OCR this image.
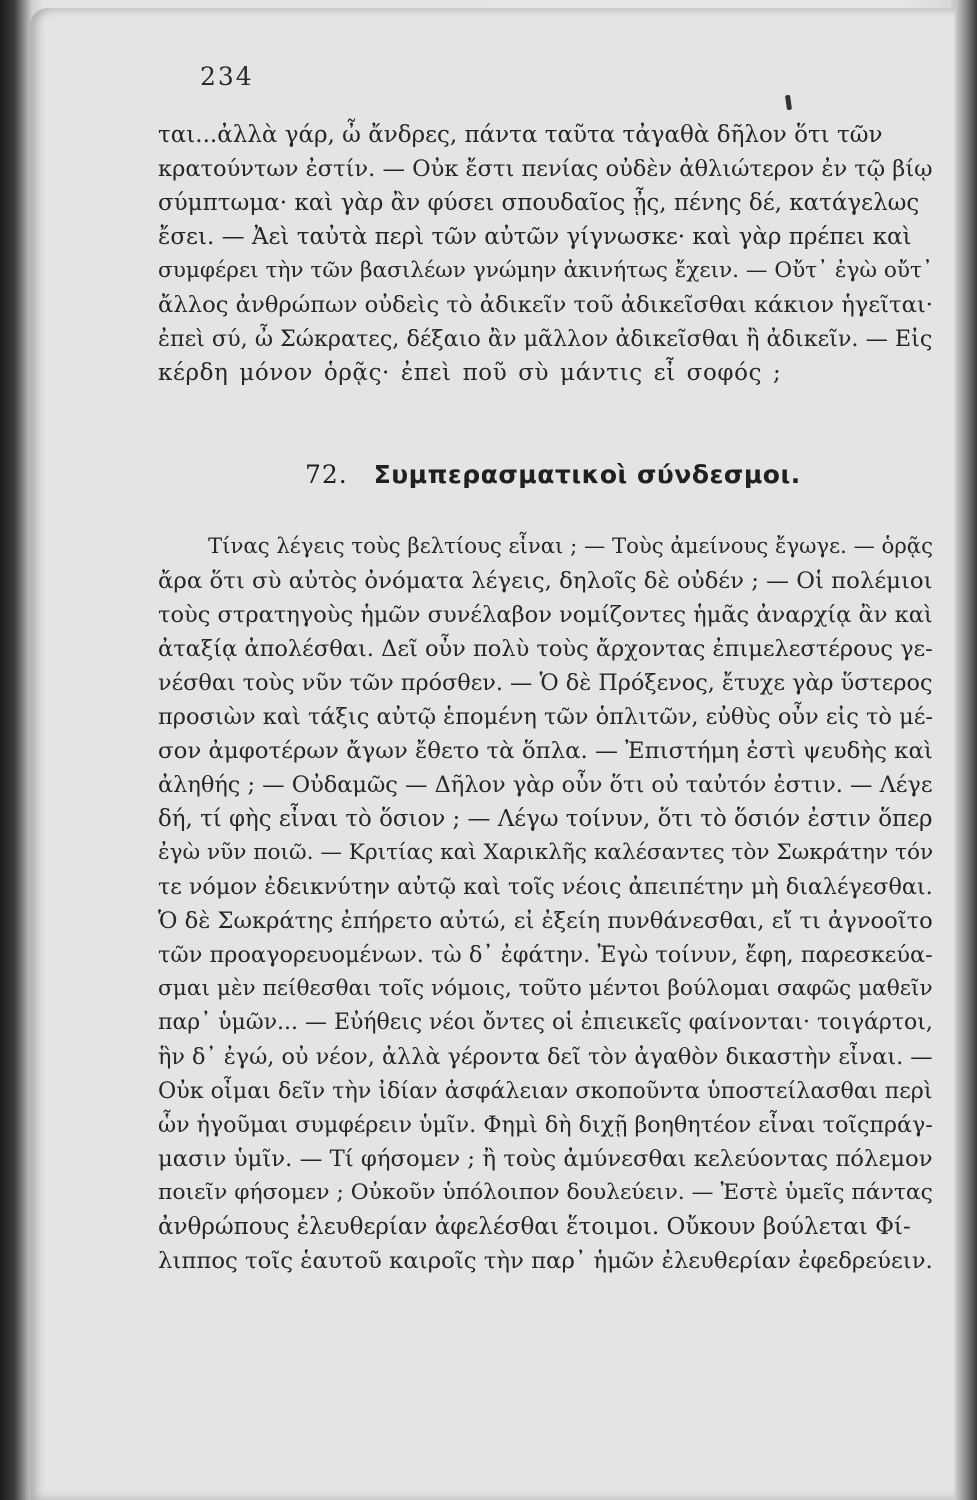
234
ται...ἀλλὰ γάρ, ὦ ἄνδρες, πάντα ταῦτα τἀγαθὰ δῆλον ὅτι τῶν
κρατούντων ἐστίν. — Οὐκ ἔστι πενίας οὐδὲν ἀθλιώτερον ἐν τῷ βίῳ
σύμπτωμα· καὶ γὰρ ἂν φύσει σπουδαῖος ᾖς, πένης δέ, κατάγελως
ἔσει. — Ἀεὶ ταὐτὰ περὶ τῶν αὐτῶν γίγνωσκε· καὶ γὰρ πρέπει καὶ
συμφέρει τὴν τῶν βασιλέων γνώμην ἀκινήτως ἔχειν. — Οὔτ᾽ ἐγὼ οὔτ᾽
ἄλλος ἀνθρώπων οὐδεὶς τὸ ἀδικεῖν τοῦ ἀδικεῖσθαι κάκιον ἡγεῖται·
ἐπεὶ σύ, ὦ Σώκρατες, δέξαιο ἂν μᾶλλον ἀδικεῖσθαι ἢ ἀδικεῖν. — Εἰς
κέρδη μόνον ὁρᾷς· ἐπεὶ ποῦ σὺ μάντις εἶ σοφός ;
72. Συμπερασματικοὶ σύνδεσμοι.
Τίνας λέγεις τοὺς βελτίους εἶναι ; — Τοὺς ἀμείνους ἔγωγε. — ὁρᾷς
ἄρα ὅτι σὺ αὐτὸς ὀνόματα λέγεις, δηλοῖς δὲ οὐδέν ; — Οἱ πολέμιοι
τοὺς στρατηγοὺς ἡμῶν συνέλαβον νομίζοντες ἡμᾶς ἀναρχίᾳ ἂν καὶ
ἀταξίᾳ ἀπολέσθαι. Δεῖ οὖν πολὺ τοὺς ἄρχοντας ἐπιμελεστέρους γε-
νέσθαι τοὺς νῦν τῶν πρόσθεν. — Ὁ δὲ Πρόξενος, ἔτυχε γὰρ ὕστερος
προσιὼν καὶ τάξις αὐτῷ ἑπομένη τῶν ὁπλιτῶν, εὐθὺς οὖν εἰς τὸ μέ-
σον ἀμφοτέρων ἄγων ἔθετο τὰ ὅπλα. — Ἐπιστήμη ἐστὶ ψευδὴς καὶ
ἀληθής ; — Οὐδαμῶς — Δῆλον γὰρ οὖν ὅτι οὐ ταὐτόν ἐστιν. — Λέγε
δή, τί φὴς εἶναι τὸ ὅσιον ; — Λέγω τοίνυν, ὅτι τὸ ὅσιόν ἐστιν ὅπερ
ἐγὼ νῦν ποιῶ. — Κριτίας καὶ Χαρικλῆς καλέσαντες τὸν Σωκράτην τόν
τε νόμον ἐδεικνύτην αὐτῷ καὶ τοῖς νέοις ἀπειπέτην μὴ διαλέγεσθαι.
Ὁ δὲ Σωκράτης ἐπήρετο αὐτώ, εἰ ἐξείη πυνθάνεσθαι, εἴ τι ἀγνοοῖτο
τῶν προαγορευομένων. τὼ δ᾽ ἐφάτην. Ἐγὼ τοίνυν, ἔφη, παρεσκεύα-
σμαι μὲν πείθεσθαι τοῖς νόμοις, τοῦτο μέντοι βούλομαι σαφῶς μαθεῖν
παρ᾽ ὑμῶν... — Εὐήθεις νέοι ὄντες οἱ ἐπιεικεῖς φαίνονται· τοιγάρτοι,
ἣν δ᾽ ἐγώ, οὐ νέον, ἀλλὰ γέροντα δεῖ τὸν ἀγαθὸν δικαστὴν εἶναι. —
Οὐκ οἶμαι δεῖν τὴν ἰδίαν ἀσφάλειαν σκοποῦντα ὑποστείλασθαι περὶ
ὧν ἡγοῦμαι συμφέρειν ὑμῖν. Φημὶ δὴ διχῇ βοηθητέον εἶναι τοῖςπράγ-
μασιν ὑμῖν. — Τί φήσομεν ; ἢ τοὺς ἀμύνεσθαι κελεύοντας πόλεμον
ποιεῖν φήσομεν ; Οὐκοῦν ὑπόλοιπον δουλεύειν. — Ἐστὲ ὑμεῖς πάντας
ἀνθρώπους ἐλευθερίαν ἀφελέσθαι ἕτοιμοι. Οὔκουν βούλεται Φί-
λιππος τοῖς ἑαυτοῦ καιροῖς τὴν παρ᾽ ἡμῶν ἐλευθερίαν ἐφεδρεύειν.
